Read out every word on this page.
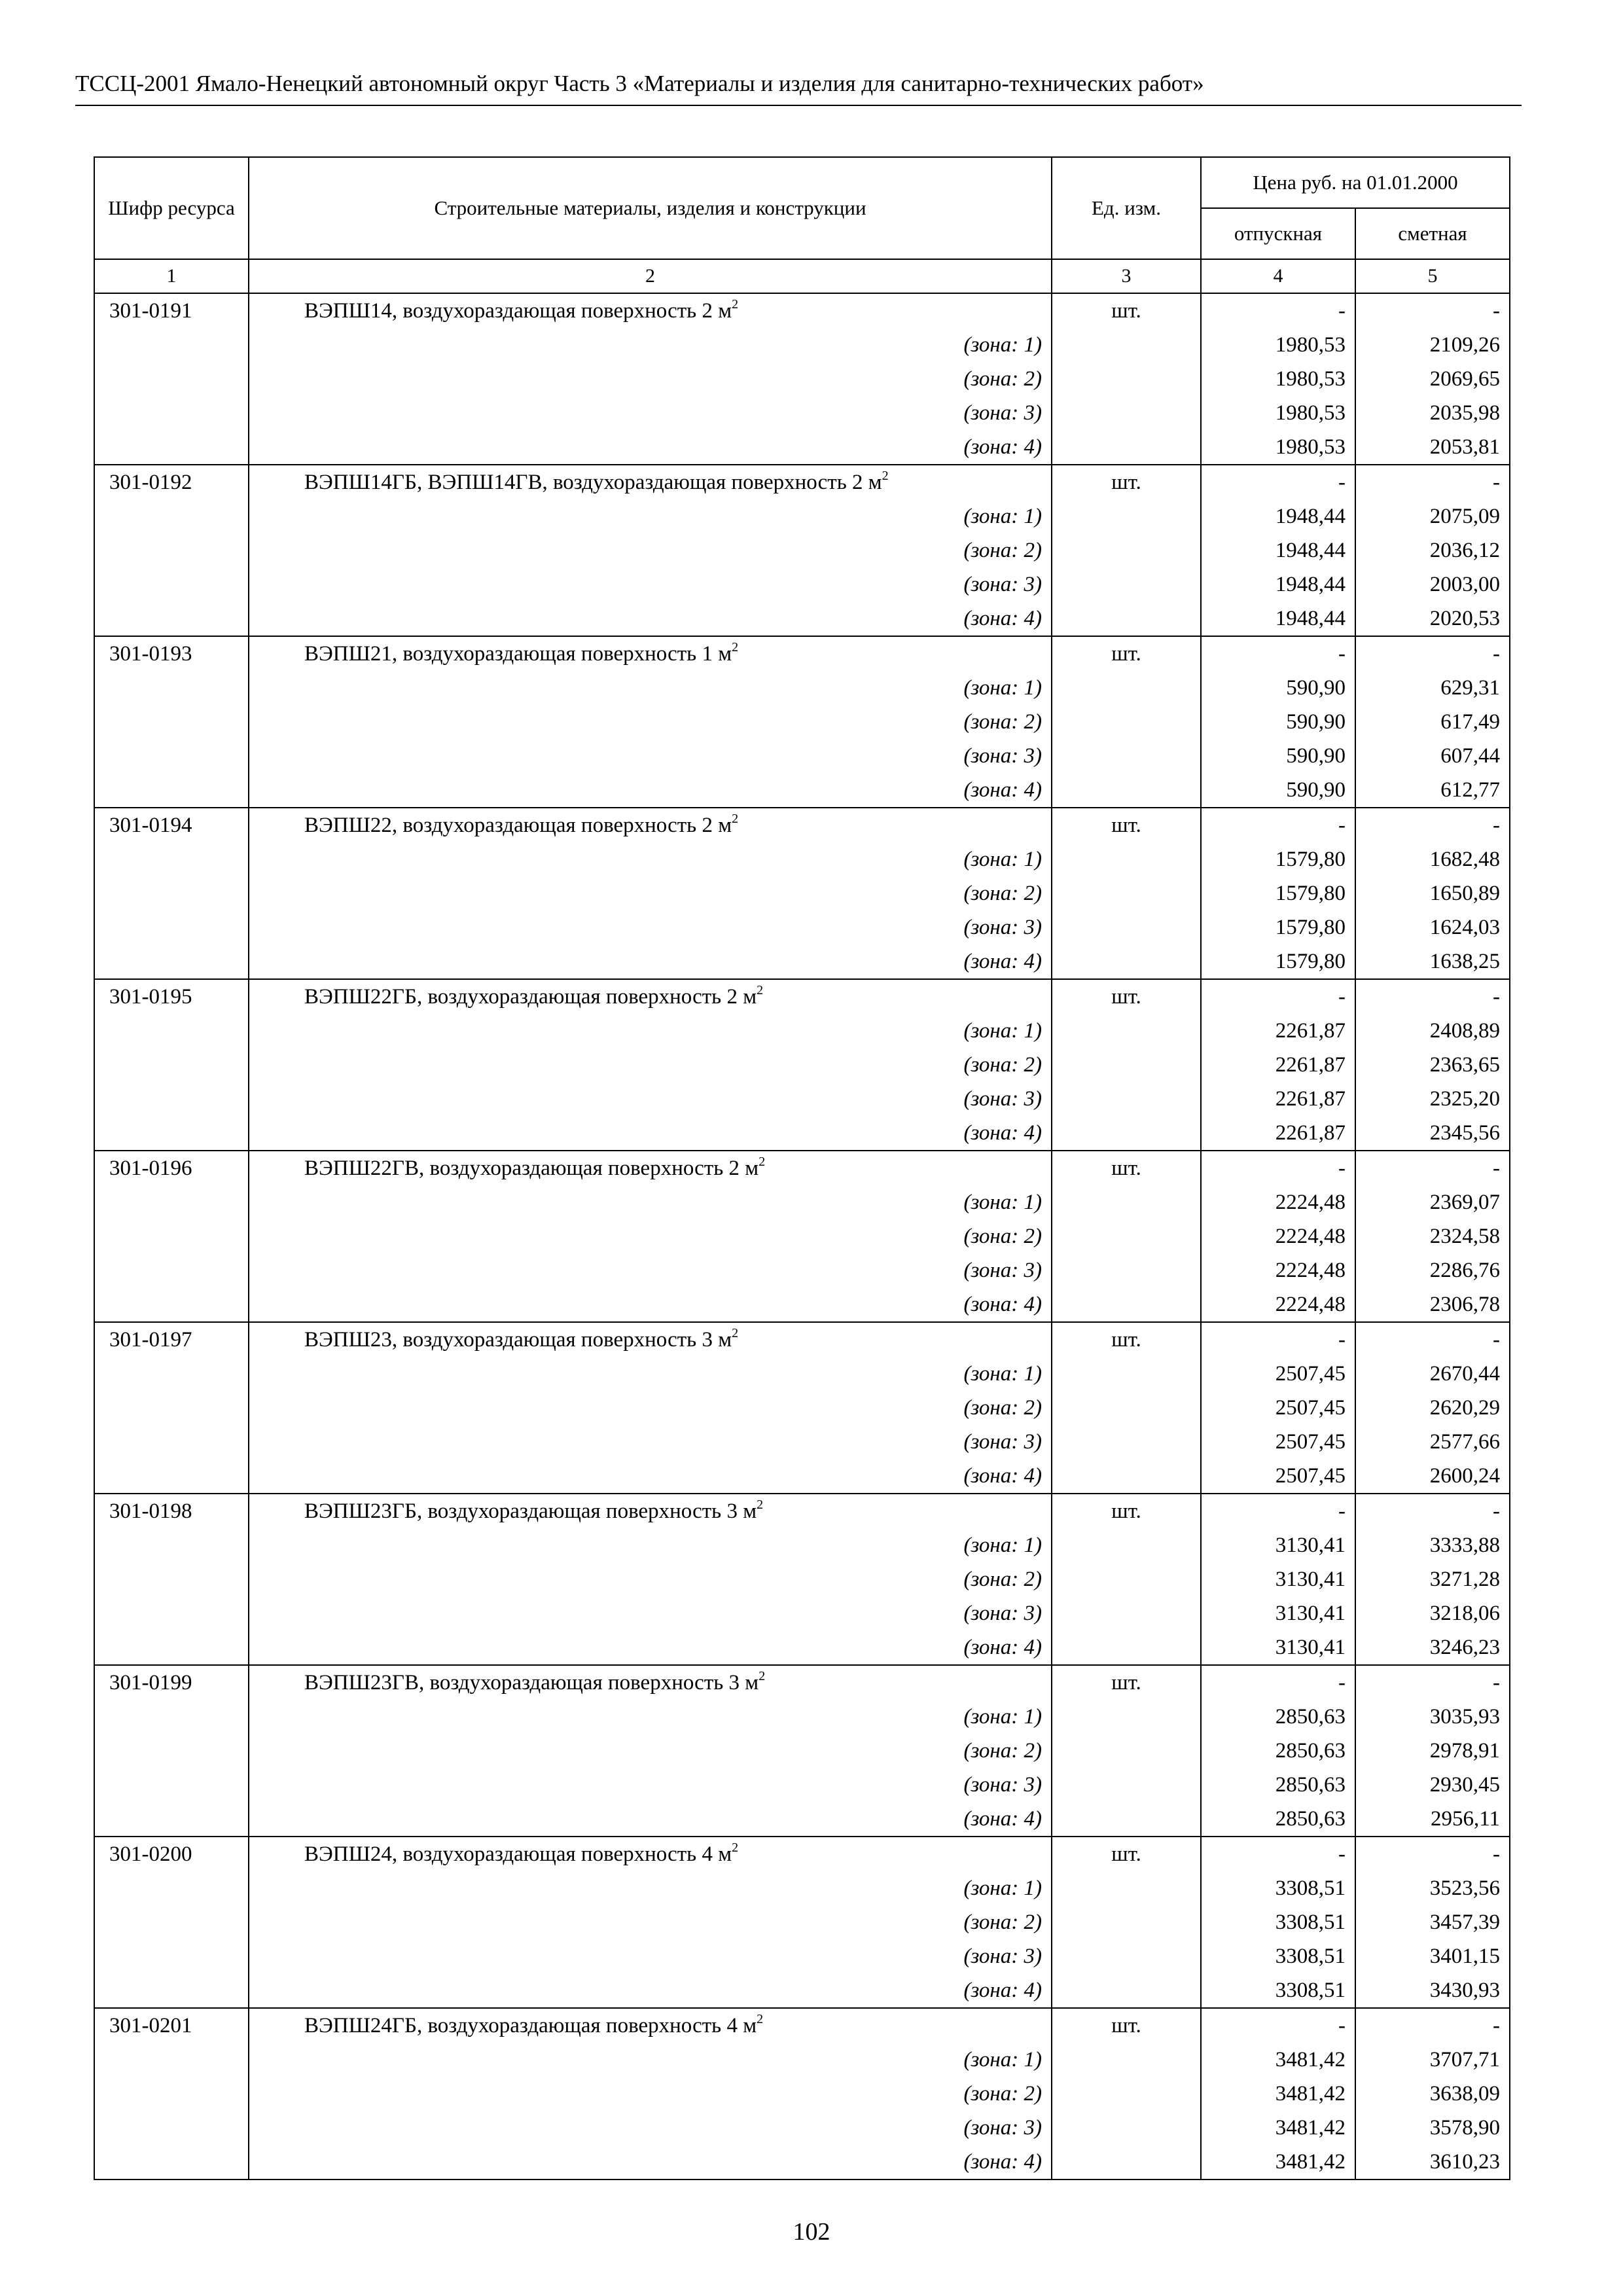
ТССЦ-2001 Ямало-Ненецкий автономный округ Часть 3 «Материалы и изделия для санитарно-технических работ»
Шифр ресурса	Строительные материалы, изделия и конструкции	Ед. изм.	Цена руб. на 01.01.2000	
			отпускная	сметная
1	2	3	4	5
301-0191	ВЭПШ14, воздухораздающая поверхность 2 $м^2$	шт.	-	-
	(зона: 1)		1980,53	2109,26
	(зона: 2)		1980,53	2069,65
	(зона: 3)		1980,53	2035,98
	(зона: 4)		1980,53	2053,81
301-0192	ВЭПШ14ГБ, ВЭПШ14ГВ, воздухораздающая поверхность 2 $м^2$	шт.	-	-
	(зона: 1)		1948,44	2075,09
	(зона: 2)		1948,44	2036,12
	(зона: 3)		1948,44	2003,00
	(зона: 4)		1948,44	2020,53
301-0193	ВЭПШ21, воздухораздающая поверхность 1 $м^2$	шт.	-	-
	(зона: 1)		590,90	629,31
	(зона: 2)		590,90	617,49
	(зона: 3)		590,90	607,44
	(зона: 4)		590,90	612,77
301-0194	ВЭПШ22, воздухораздающая поверхность 2 $м^2$	шт.	-	-
	(зона: 1)		1579,80	1682,48
	(зона: 2)		1579,80	1650,89
	(зона: 3)		1579,80	1624,03
	(зона: 4)		1579,80	1638,25
301-0195	ВЭПШ22ГБ, воздухораздающая поверхность 2 $м^2$	шт.	-	-
	(зона: 1)		2261,87	2408,89
	(зона: 2)		2261,87	2363,65
	(зона: 3)		2261,87	2325,20
	(зона: 4)		2261,87	2345,56
301-0196	ВЭПШ22ГВ, воздухораздающая поверхность 2 $м^2$	шт.	-	-
	(зона: 1)		2224,48	2369,07
	(зона: 2)		2224,48	2324,58
	(зона: 3)		2224,48	2286,76
	(зона: 4)		2224,48	2306,78
301-0197	ВЭПШ23, воздухораздающая поверхность 3 $м^2$	шт.	-	-
	(зона: 1)		2507,45	2670,44
	(зона: 2)		2507,45	2620,29
	(зона: 3)		2507,45	2577,66
	(зона: 4)		2507,45	2600,24
301-0198	ВЭПШ23ГБ, воздухораздающая поверхность 3 $м^2$	шт.	-	-
	(зона: 1)		3130,41	3333,88
	(зона: 2)		3130,41	3271,28
	(зона: 3)		3130,41	3218,06
	(зона: 4)		3130,41	3246,23
301-0199	ВЭПШ23ГВ, воздухораздающая поверхность 3 $м^2$	шт.	-	-
	(зона: 1)		2850,63	3035,93
	(зона: 2)		2850,63	2978,91
	(зона: 3)		2850,63	2930,45
	(зона: 4)		2850,63	2956,11
301-0200	ВЭПШ24, воздухораздающая поверхность 4 $м^2$	шт.	-	-
	(зона: 1)		3308,51	3523,56
	(зона: 2)		3308,51	3457,39
	(зона: 3)		3308,51	3401,15
	(зона: 4)		3308,51	3430,93
301-0201	ВЭПШ24ГБ, воздухораздающая поверхность 4 $м^2$	шт.	-	-
	(зона: 1)		3481,42	3707,71
	(зона: 2)		3481,42	3638,09
	(зона: 3)		3481,42	3578,90
	(зона: 4)		3481,42	3610,23
102
